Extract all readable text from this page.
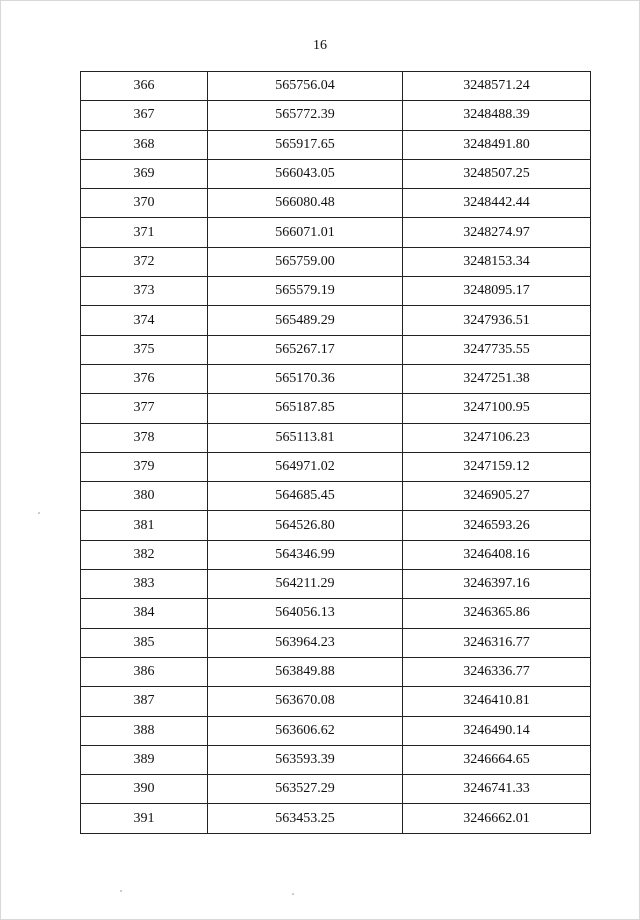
16
366	565756.04	3248571.24
367	565772.39	3248488.39
368	565917.65	3248491.80
369	566043.05	3248507.25
370	566080.48	3248442.44
371	566071.01	3248274.97
372	565759.00	3248153.34
373	565579.19	3248095.17
374	565489.29	3247936.51
375	565267.17	3247735.55
376	565170.36	3247251.38
377	565187.85	3247100.95
378	565113.81	3247106.23
379	564971.02	3247159.12
380	564685.45	3246905.27
381	564526.80	3246593.26
382	564346.99	3246408.16
383	564211.29	3246397.16
384	564056.13	3246365.86
385	563964.23	3246316.77
386	563849.88	3246336.77
387	563670.08	3246410.81
388	563606.62	3246490.14
389	563593.39	3246664.65
390	563527.29	3246741.33
391	563453.25	3246662.01
